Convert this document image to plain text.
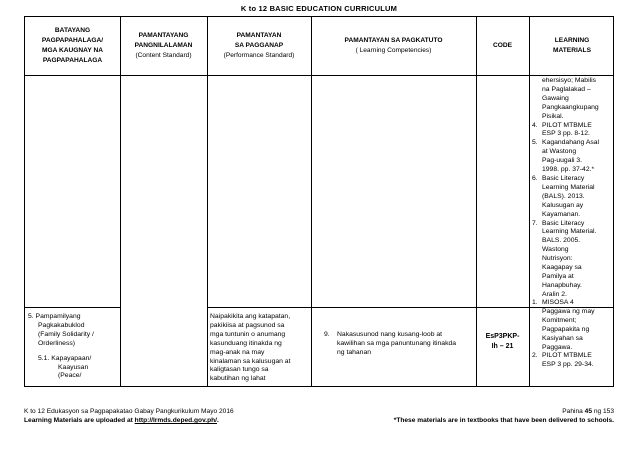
K to 12 BASIC EDUCATION CURRICULUM
BATAYANG
PAGPAPAHALAGA/
MGA KAUGNAY NA
PAGPAPAHALAGA
PAMANTAYANG
PANGNILALAMAN
(Content Standard)
PAMANTAYAN
SA PAGGANAP
(Performance Standard)
PAMANTAYAN SA PAGKATUTO
( Learning Competencies)
CODE
LEARNING
MATERIALS
ehersisyo; Mabilis
na Paglalakad –
Gawaing
Pangkaangkupang
Pisikal.
4. PILOT MTBMLE
ESP 3 pp. 8-12.
5. Kagandahang Asal
at Wastong
Pag-uugali 3.
1998. pp. 37-42.*
6. Basic Literacy
Learning Material
(BALS). 2013.
Kalusugan ay
Kayamanan.
7. Basic Literacy
Learning Material.
BALS. 2005.
Wastong
Nutrisyon:
Kaagapay sa
Pamilya at
Hanapbuhay.
Aralin 2.
5. Pampamilyang
Pagkakabuklod
(Family Solidarity /
Orderliness)
5.1. Kapayapaan/
Kaayusan
(Peace/
Naipakikita ang katapatan,
pakikiisa at pagsunod sa
mga tuntunin o anumang
kasunduang itinakda ng
mag-anak na may
kinalaman sa kalusugan at
kaligtasan tungo sa
kabutihan ng lahat
9.	Nakasusunod nang kusang-loob at
kawilihan sa mga panuntunang itinakda
ng tahanan
EsP3PKP-
Ih – 21
1. MISOSA 4
Paggawa ng may
Komitment;
Pagpapakita ng
Kasiyahan sa
Paggawa.
2. PILOT MTBMLE
ESP 3 pp. 29-34.
K to 12 Edukasyon sa Pagpapakatao Gabay Pangkurikulum Mayo 2016
Learning Materials are uploaded at http://lrmds.deped.gov.ph/.
Pahina 45 ng 153
*These materials are in textbooks that have been delivered to schools.
